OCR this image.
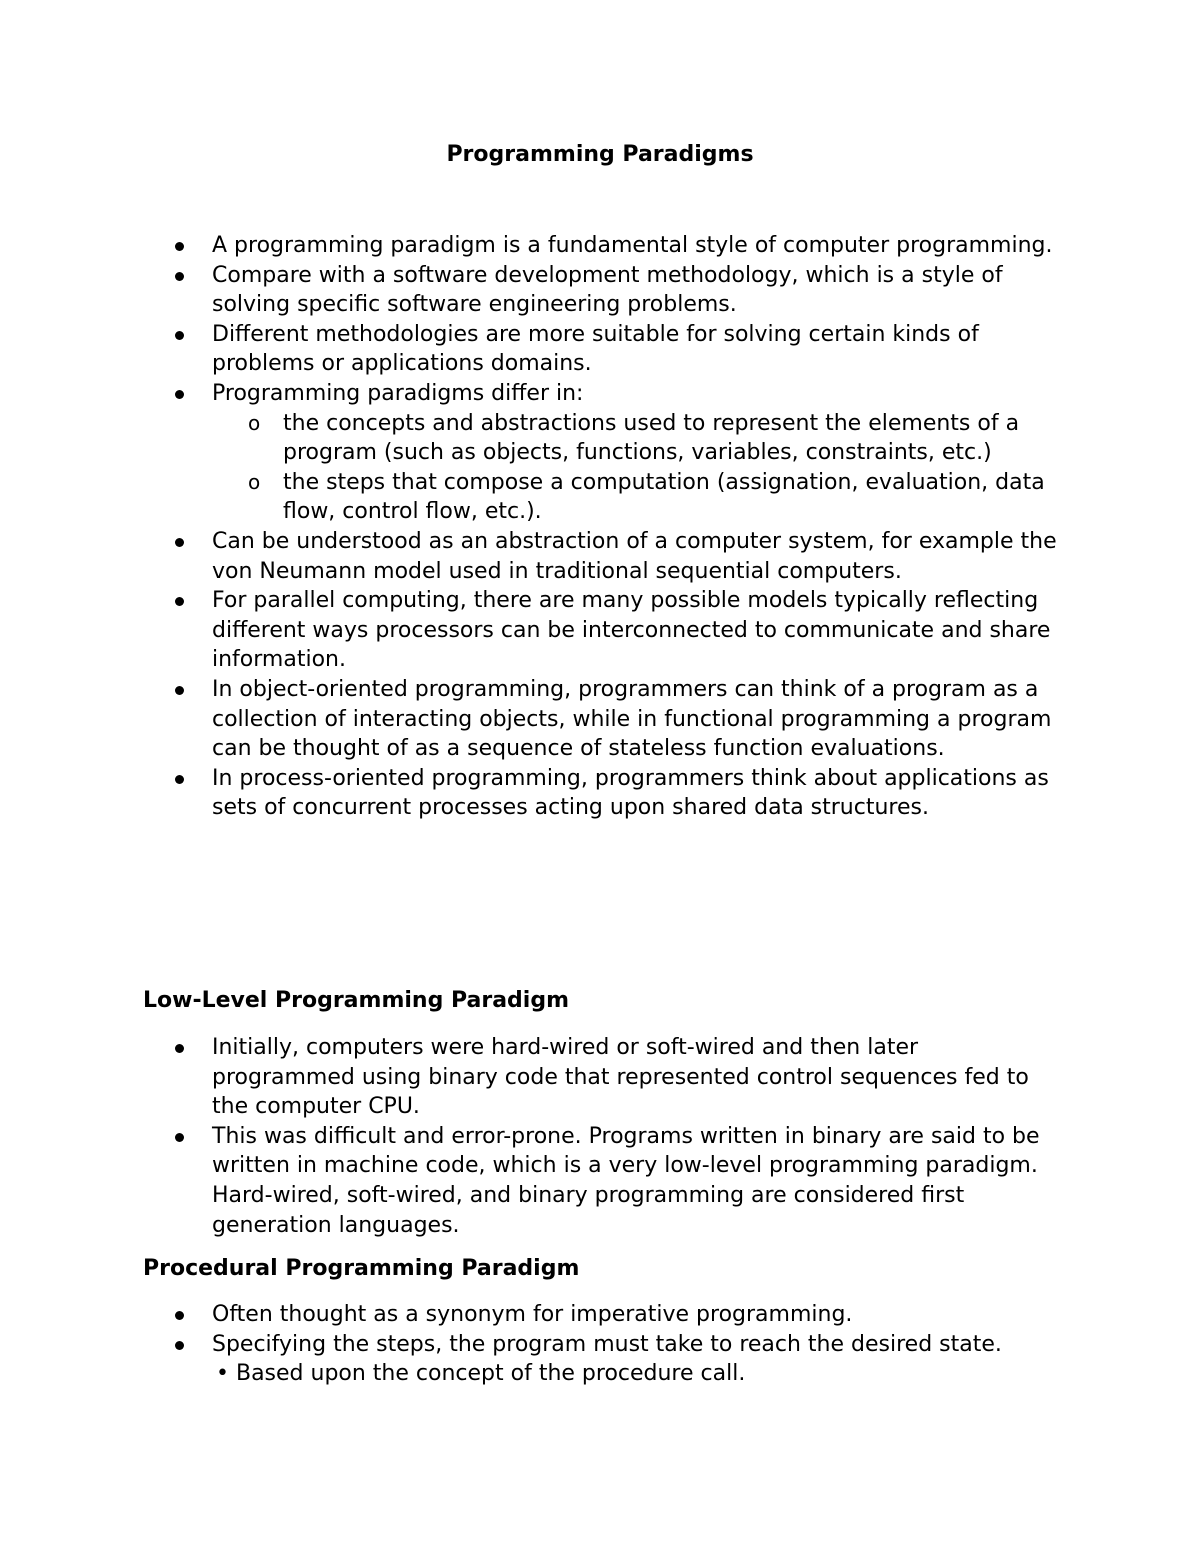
Programming Paradigms
A programming paradigm is a fundamental style of computer programming.
Compare with a software development methodology, which is a style of solving specific software engineering problems.
Different methodologies are more suitable for solving certain kinds of problems or applications domains.
Programming paradigms differ in:
o the concepts and abstractions used to represent the elements of a program (such as objects, functions, variables, constraints, etc.)
o the steps that compose a computation (assignation, evaluation, data flow, control flow, etc.).
Can be understood as an abstraction of a computer system, for example the von Neumann model used in traditional sequential computers.
For parallel computing, there are many possible models typically reflecting different ways processors can be interconnected to communicate and share information.
In object-oriented programming, programmers can think of a program as a collection of interacting objects, while in functional programming a program can be thought of as a sequence of stateless function evaluations.
In process-oriented programming, programmers think about applications as sets of concurrent processes acting upon shared data structures.
Low-Level Programming Paradigm
Initially, computers were hard-wired or soft-wired and then later programmed using binary code that represented control sequences fed to the computer CPU.
This was difficult and error-prone. Programs written in binary are said to be written in machine code, which is a very low-level programming paradigm. Hard-wired, soft-wired, and binary programming are considered first generation languages.
Procedural Programming Paradigm
Often thought as a synonym for imperative programming.
Specifying the steps, the program must take to reach the desired state.
• Based upon the concept of the procedure call.
